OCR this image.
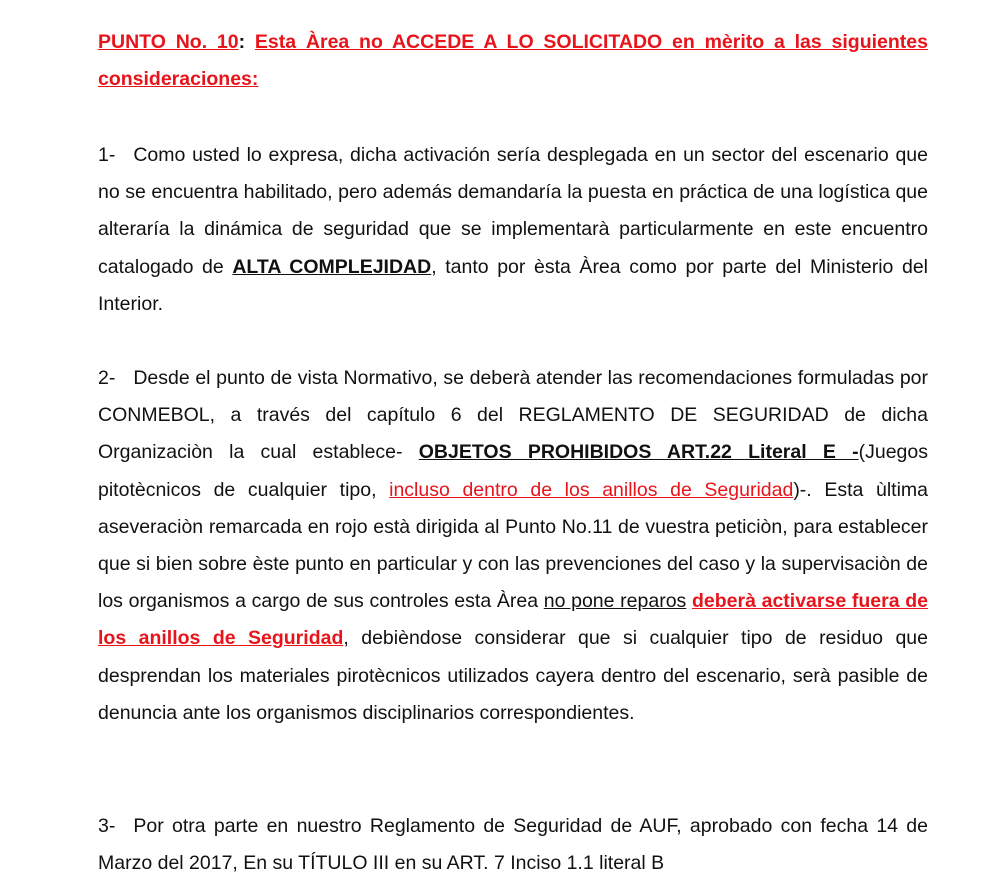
PUNTO No. 10: Esta Àrea no ACCEDE A LO SOLICITADO en mèrito a las siguientes consideraciones:
1- Como usted lo expresa, dicha activación sería desplegada en un sector del escenario que no se encuentra habilitado, pero además demandaría la puesta en práctica de una logística que alteraría la dinámica de seguridad que se implementarà particularmente en este encuentro catalogado de ALTA COMPLEJIDAD, tanto por èsta Àrea como por parte del Ministerio del Interior.
2- Desde el punto de vista Normativo, se deberà atender las recomendaciones formuladas por CONMEBOL, a través del capítulo 6 del REGLAMENTO DE SEGURIDAD de dicha Organizaciòn la cual establece- OBJETOS PROHIBIDOS ART.22 Literal E -(Juegos pitotècnicos de cualquier tipo, incluso dentro de los anillos de Seguridad)-. Esta ùltima aseveraciòn remarcada en rojo està dirigida al Punto No.11 de vuestra peticiòn, para establecer que si bien sobre èste punto en particular y con las prevenciones del caso y la supervisaciòn de los organismos a cargo de sus controles esta Àrea no pone reparos deberà activarse fuera de los anillos de Seguridad, debièndose considerar que si cualquier tipo de residuo que desprendan los materiales pirotècnicos utilizados cayera dentro del escenario, serà pasible de denuncia ante los organismos disciplinarios correspondientes.
3- Por otra parte en nuestro Reglamento de Seguridad de AUF, aprobado con fecha 14 de Marzo del 2017, En su TÍTULO III en su ART. 7 Inciso 1.1 literal B
